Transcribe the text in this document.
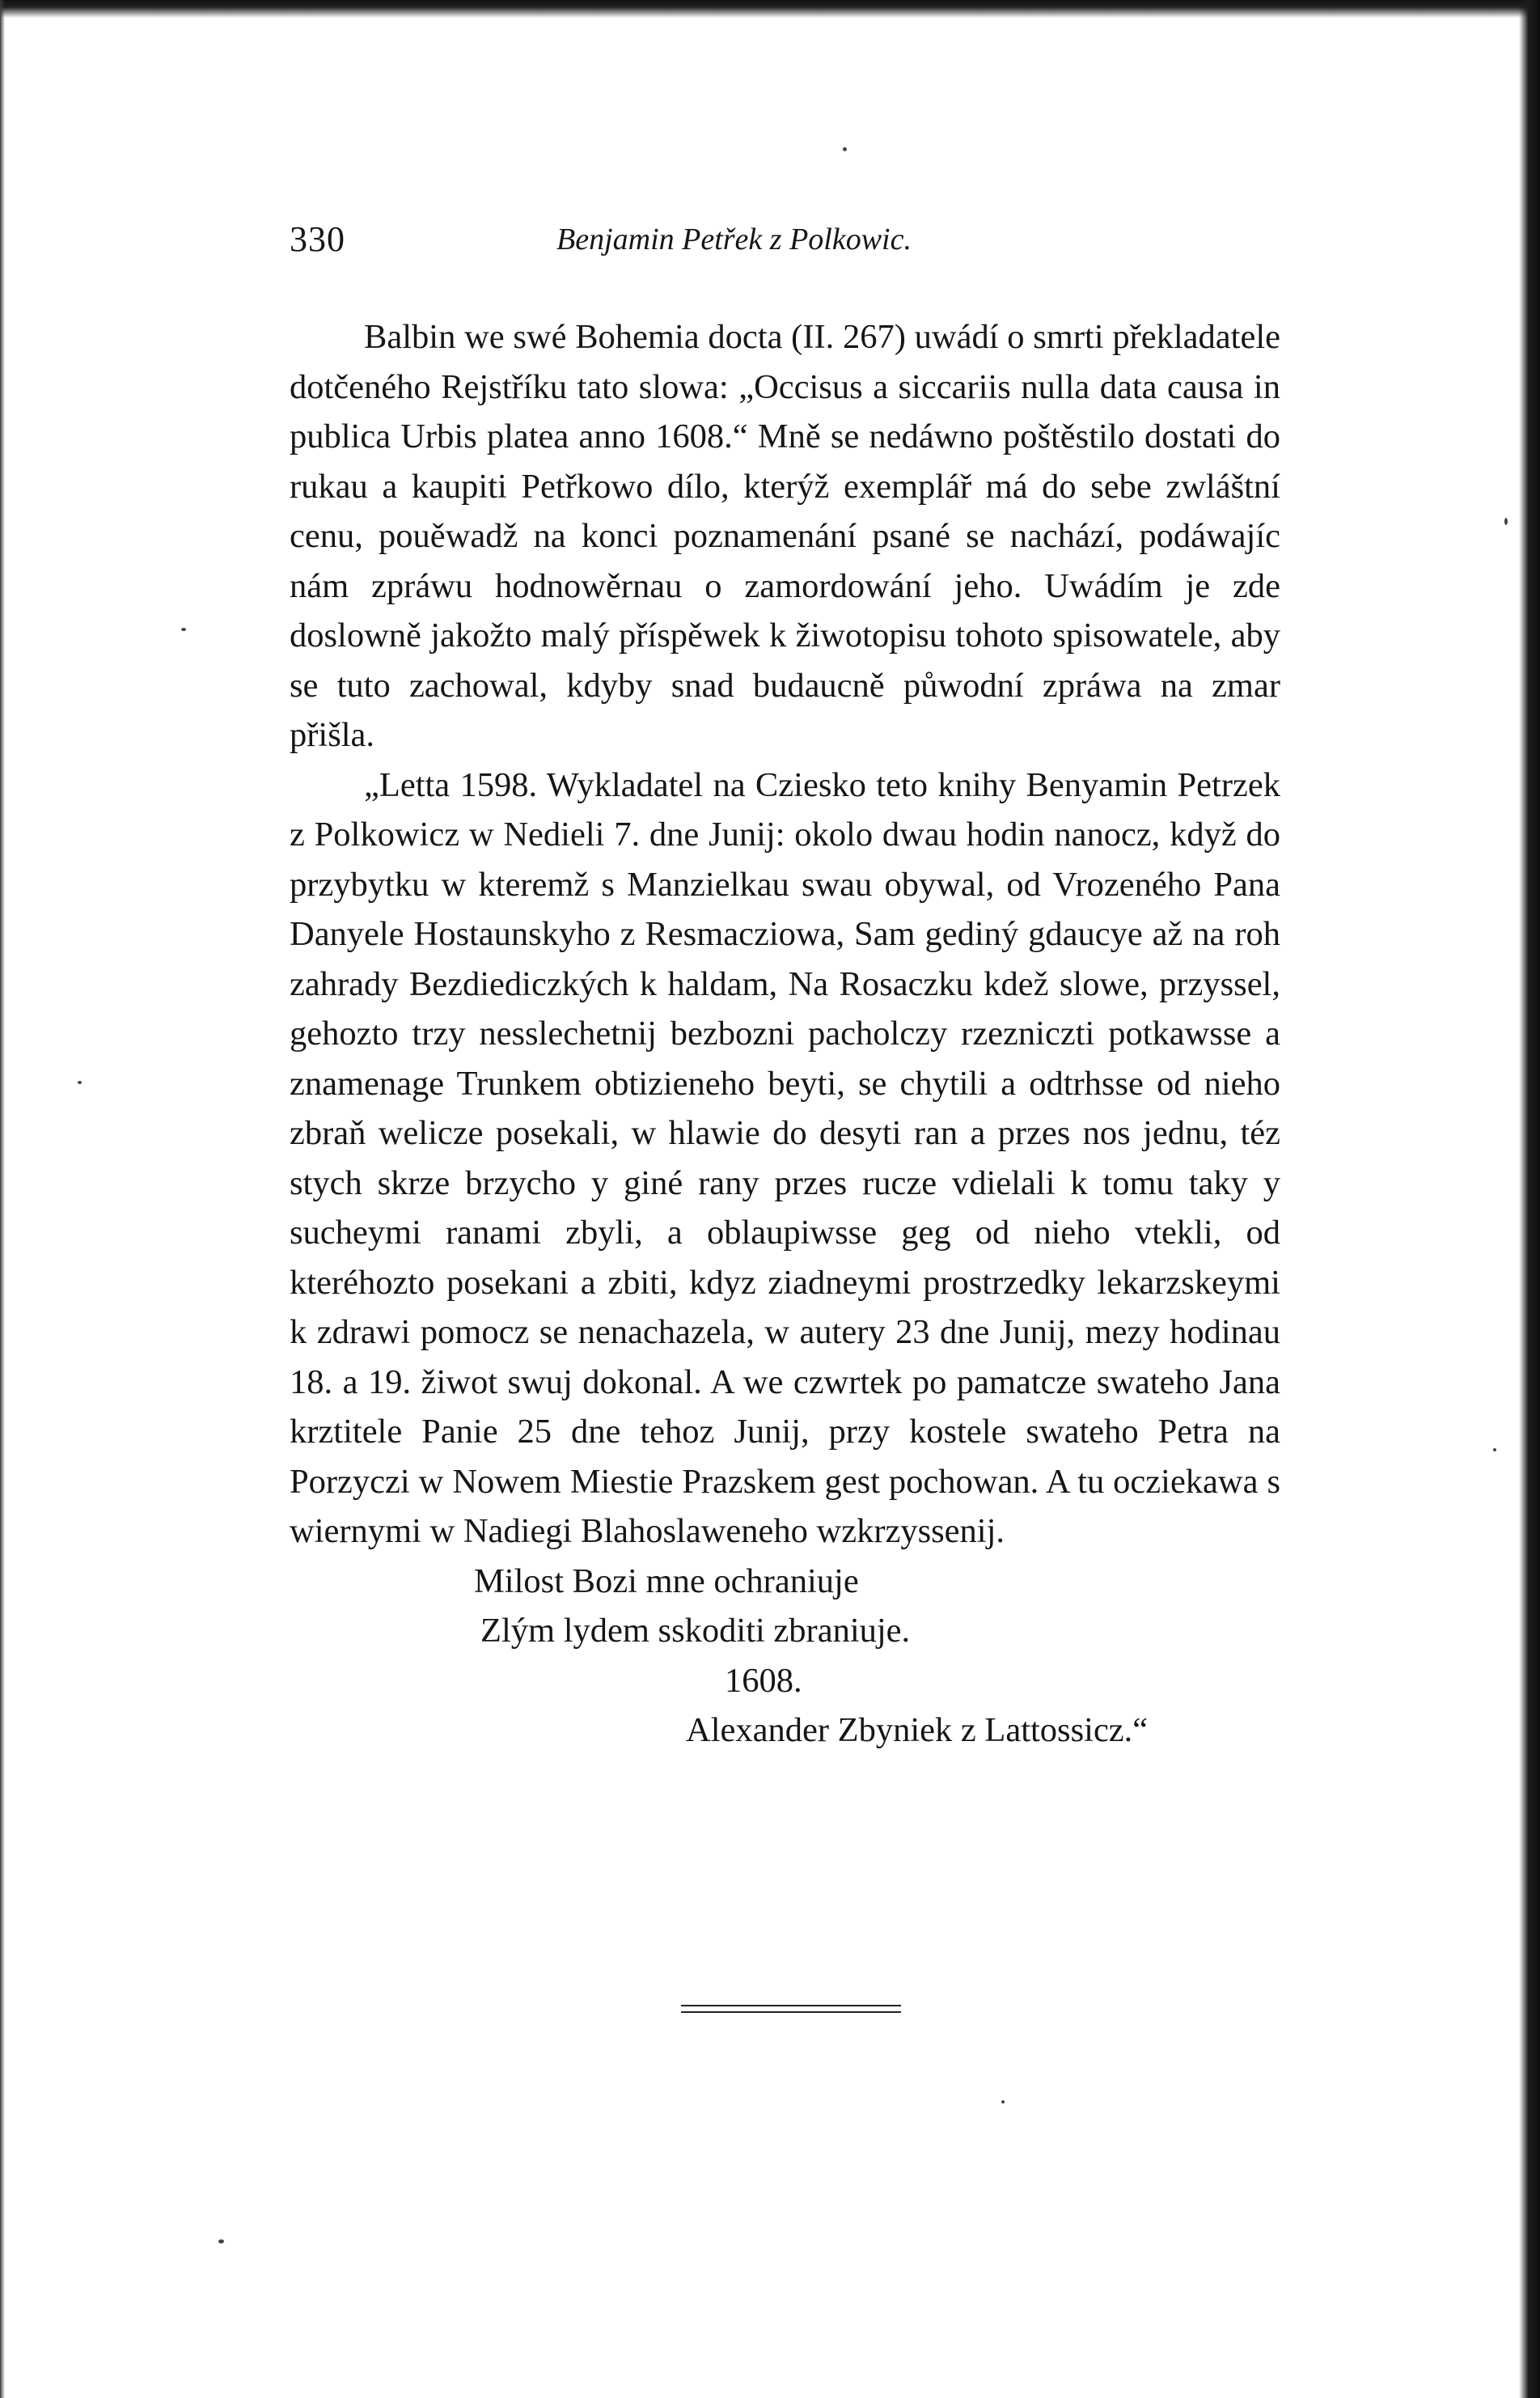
330	Benjamin Petřek z Polkowic.

Balbin we swé Bohemia docta (II. 267) uwádí o smrti překladatele dotčeného Rejstříku tato slowa: „Occisus a siccariis nulla data causa in publica Urbis platea anno 1608.“ Mně se nedáwno poštěstilo dostati do rukau a kaupiti Petřkowo dílo, kterýž exemplář má do sebe zwláštní cenu, pouěwadž na konci poznamenání psané se nachází, podáwajíc nám zpráwu hodnowěrnau o zamordowání jeho. Uwádím je zde doslowně jakožto malý příspěwek k žiwotopisu tohoto spisowatele, aby se tuto zachowal, kdyby snad budaucně půwodní zpráwa na zmar přišla.

„Letta 1598. Wykladatel na Cziesko teto knihy Benyamin Petrzek z Polkowicz w Nedieli 7. dne Junij: okolo dwau hodin nanocz, když do przybytku w kteremž s Manzielkau swau obywal, od Vrozeného Pana Danyele Hostaunskyho z Resmacziowa, Sam gediný gdaucye až na roh zahrady Bezdiediczkých k haldam, Na Rosaczku kdež slowe, przyssel, gehozto trzy nesslechetnij bezbozni pacholczy rzezniczti potkawsse a znamenage Trunkem obtizieneho beyti, se chytili a odtrhsse od nieho zbraň welicze posekali, w hlawie do desyti ran a przes nos jednu, téz stych skrze brzycho y giné rany przes rucze vdielali k tomu taky y sucheymi ranami zbyli, a oblaupiwsse geg od nieho vtekli, od kteréhozto posekani a zbiti, kdyz ziadneymi prostrzedky lekarzskeymi k zdrawi pomocz se nenachazela, w autery 23 dne Junij, mezy hodinau 18. a 19. žiwot swuj dokonal. A we czwrtek po pamatcze swateho Jana krztitele Panie 25 dne tehoz Junij, przy kostele swateho Petra na Porzyczi w Nowem Miestie Prazskem gest pochowan. A tu ocziekawa s wiernymi w Nadiegi Blahoslaweneho wzkrzyssenij.

Milost Bozi mne ochraniuje
Zlým lydem sskoditi zbraniuje.
1608.
Alexander Zbyniek z Lattossicz.“
